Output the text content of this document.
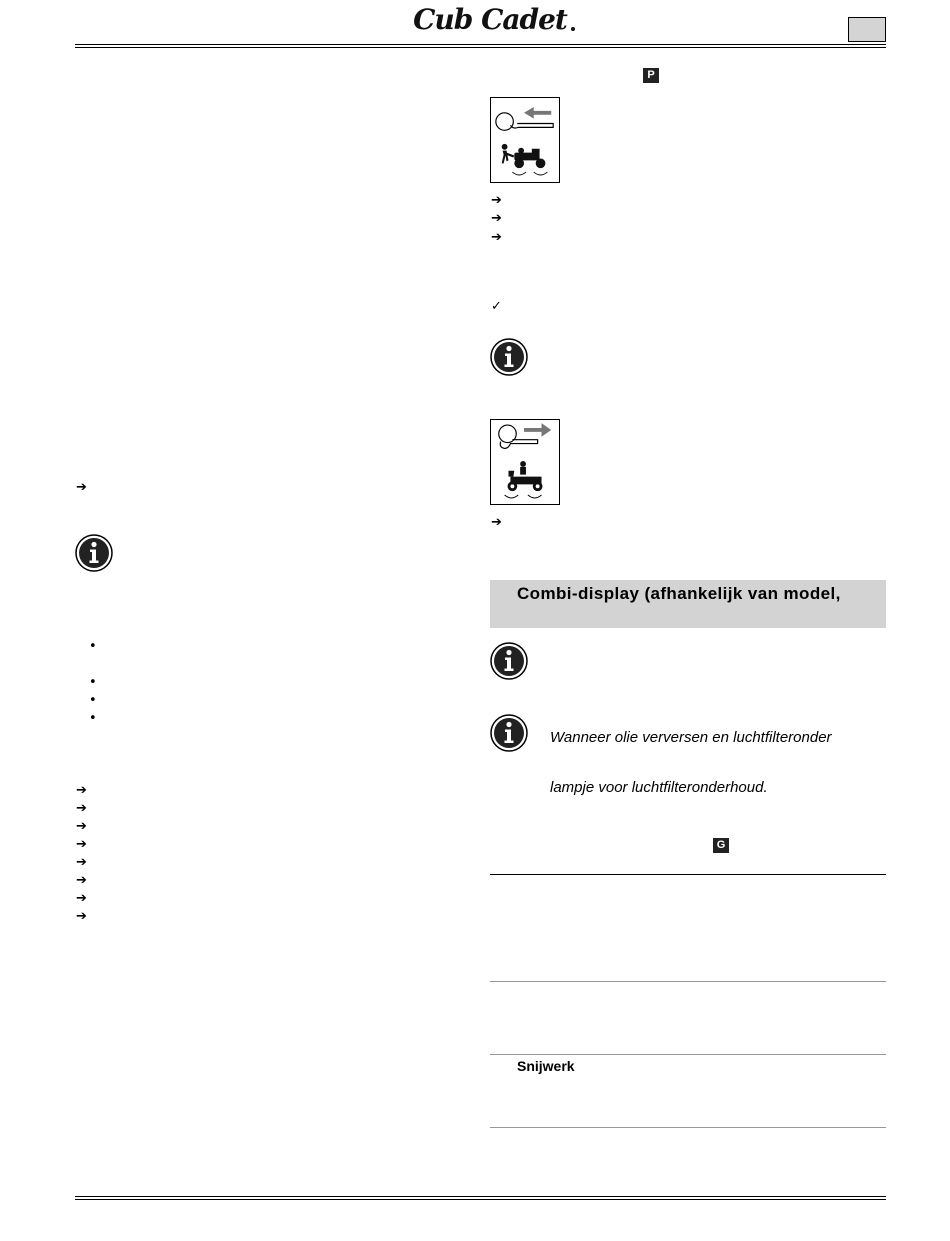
Cub Cadet
➔
•
•
•
•
➔
➔
➔
➔
➔
➔
➔
➔
P
➔
➔
➔
✓
➔
Combi-display (afhankelijk van model,
Wanneer olie verversen en luchtfilteronder
lampje voor luchtfilteronderhoud.
G
Snijwerk
